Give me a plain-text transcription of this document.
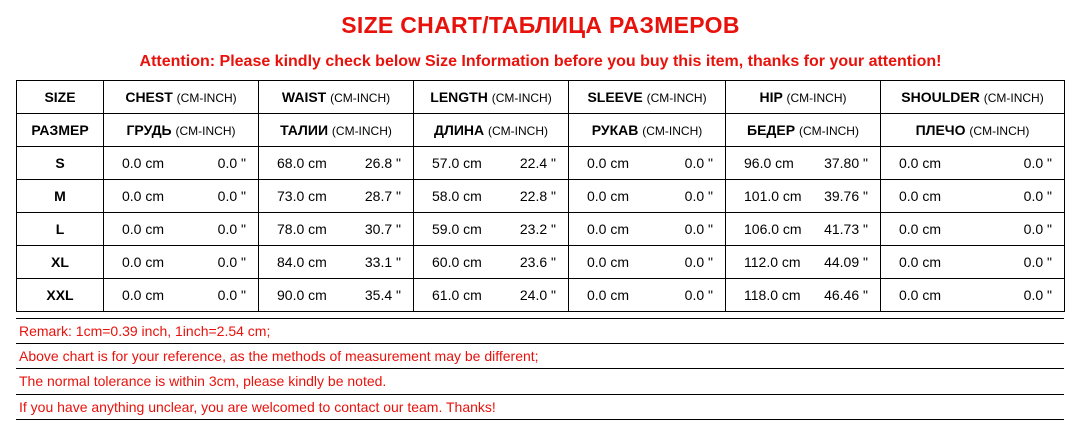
SIZE CHART/ТАБЛИЦА РАЗМЕРОВ
Attention: Please kindly check below Size Information before you buy this item, thanks for your attention!
SIZE	CHEST (CM-INCH)	WAIST (CM-INCH)	LENGTH (CM-INCH)	SLEEVE (CM-INCH)	HIP (CM-INCH)	SHOULDER (CM-INCH)
РАЗМЕР	ГРУДЬ (CM-INCH)	ТАЛИИ (CM-INCH)	ДЛИНА (CM-INCH)	РУКАВ (CM-INCH)	БЕДЕР (CM-INCH)	ПЛЕЧО (CM-INCH)
S	0.0 cm 0.0 "	68.0 cm 26.8 "	57.0 cm 22.4 "	0.0 cm 0.0 "	96.0 cm 37.80 "	0.0 cm 0.0 "

M	0.0 cm 0.0 "	73.0 cm 28.7 "	58.0 cm 22.8 "	0.0 cm 0.0 "	101.0 cm 39.76 "	0.0 cm 0.0 "

L	0.0 cm 0.0 "	78.0 cm 30.7 "	59.0 cm 23.2 "	0.0 cm 0.0 "	106.0 cm 41.73 "	0.0 cm 0.0 "

XL	0.0 cm 0.0 "	84.0 cm 33.1 "	60.0 cm 23.6 "	0.0 cm 0.0 "	112.0 cm 44.09 "	0.0 cm 0.0 "

XXL	0.0 cm 0.0 "	90.0 cm 35.4 "	61.0 cm 24.0 "	0.0 cm 0.0 "	118.0 cm 46.46 "	0.0 cm 0.0 "
Remark: 1cm=0.39 inch, 1inch=2.54 cm;
Above chart is for your reference, as the methods of measurement may be different;
The normal tolerance is within 3cm, please kindly be noted.
If you have anything unclear, you are welcomed to contact our team. Thanks!
